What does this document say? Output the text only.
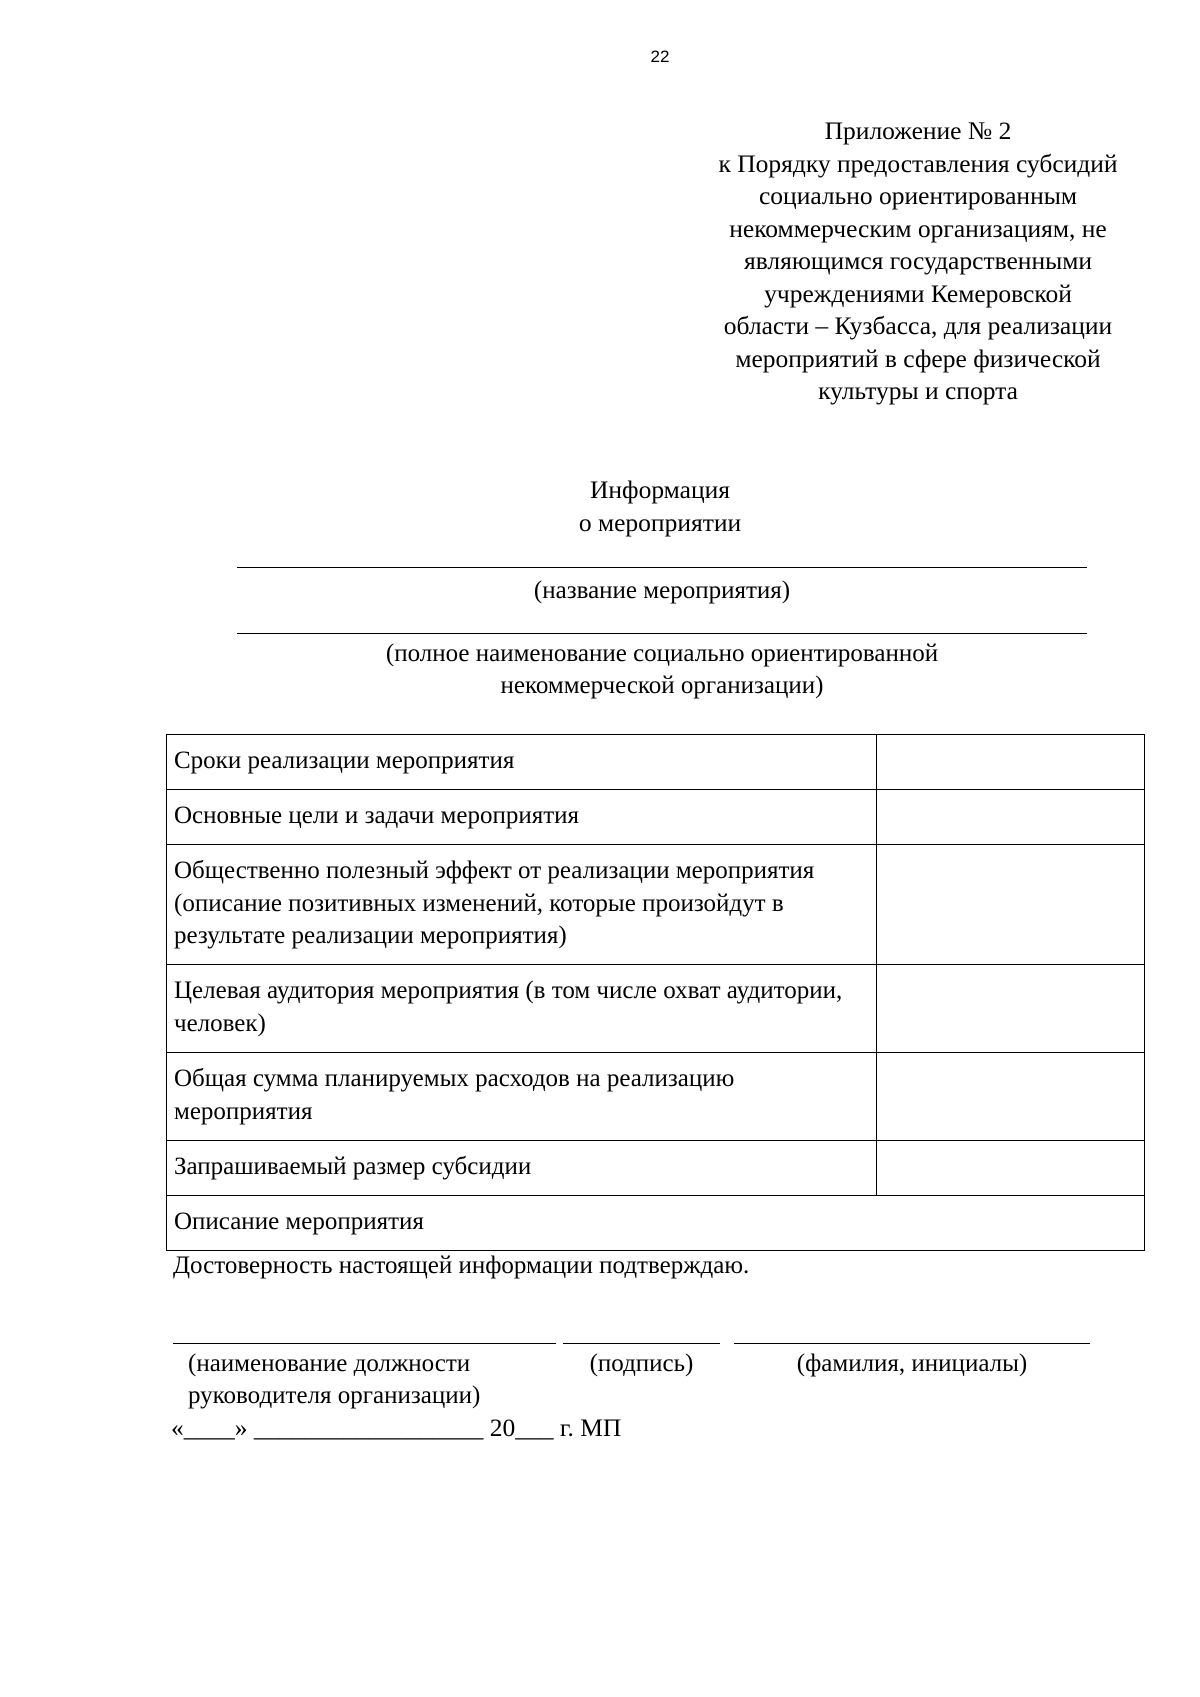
22
Приложение № 2
к Порядку предоставления субсидий
социально ориентированным
некоммерческим организациям, не
являющимся государственными
учреждениями Кемеровской
области – Кузбасса, для реализации
мероприятий в сфере физической
культуры и спорта
Информация
о мероприятии
(название мероприятия)
(полное наименование социально ориентированной
некоммерческой организации)
Сроки реализации мероприятия	
Основные цели и задачи мероприятия	
Общественно полезный эффект от реализации мероприятия (описание позитивных изменений, которые произойдут в результате реализации мероприятия)	
Целевая аудитория мероприятия (в том числе охват аудитории, человек)	
Общая сумма планируемых расходов на реализацию мероприятия	
Запрашиваемый размер субсидии	
Описание мероприятия	
Достоверность настоящей информации подтверждаю.
(наименование должности
руководителя организации)
(подпись)	(фамилия, инициалы)
«____» __________________ 20___ г. МП
